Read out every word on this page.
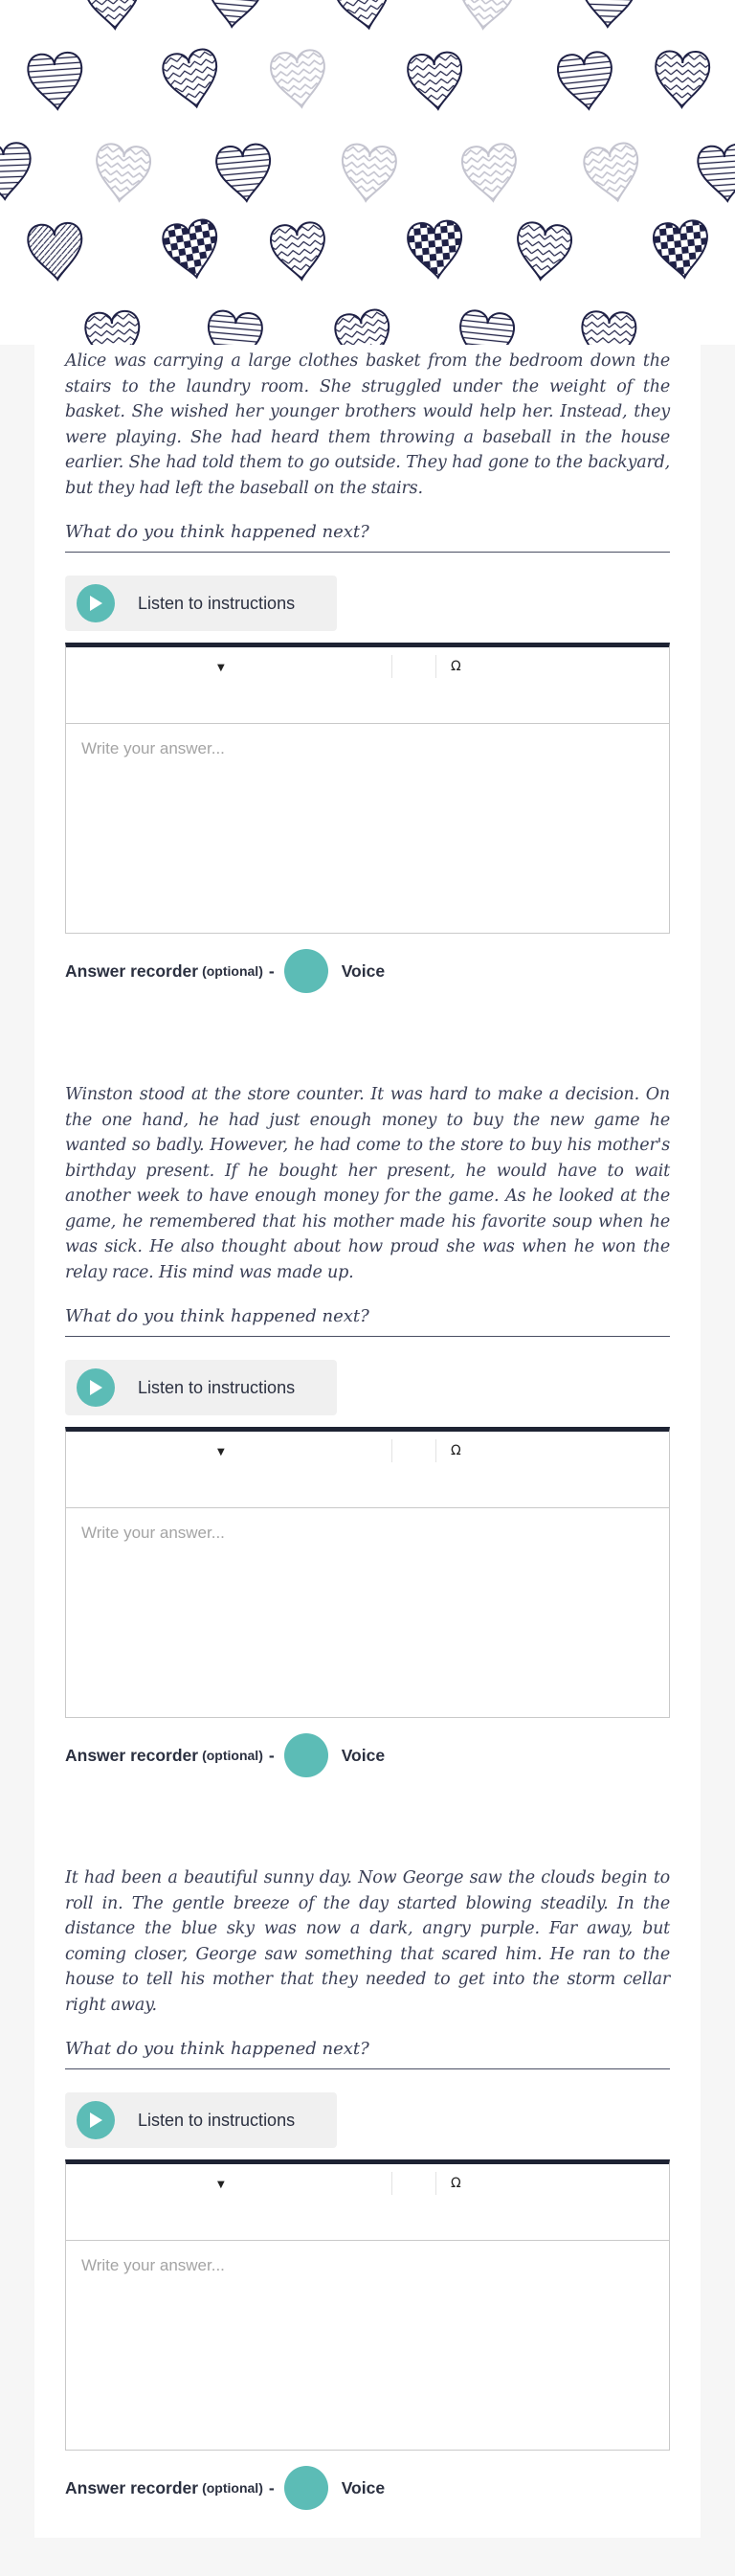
Alice was carrying a large clothes basket from the bedroom down the stairs to the laundry room. She struggled under the weight of the basket. She wished her younger brothers would help her. Instead, they were playing. She had heard them throwing a baseball in the house earlier. She had told them to go outside. They had gone to the backyard, but they had left the baseball on the stairs.

What do you think happened next?
Listen to instructions
▼	Ω
Write your answer...
Answer recorder (optional) -	Voice

Winston stood at the store counter. It was hard to make a decision. On the one hand, he had just enough money to buy the new game he wanted so badly. However, he had come to the store to buy his mother's birthday present. If he bought her present, he would have to wait another week to have enough money for the game. As he looked at the game, he remembered that his mother made his favorite soup when he was sick. He also thought about how proud she was when he won the relay race. His mind was made up.

What do you think happened next?
Listen to instructions
▼	Ω
Write your answer...
Answer recorder (optional) -	Voice

It had been a beautiful sunny day. Now George saw the clouds begin to roll in. The gentle breeze of the day started blowing steadily. In the distance the blue sky was now a dark, angry purple. Far away, but coming closer, George saw something that scared him. He ran to the house to tell his mother that they needed to get into the storm cellar right away.

What do you think happened next?
Listen to instructions
▼	Ω
Write your answer...
Answer recorder (optional) -	Voice
